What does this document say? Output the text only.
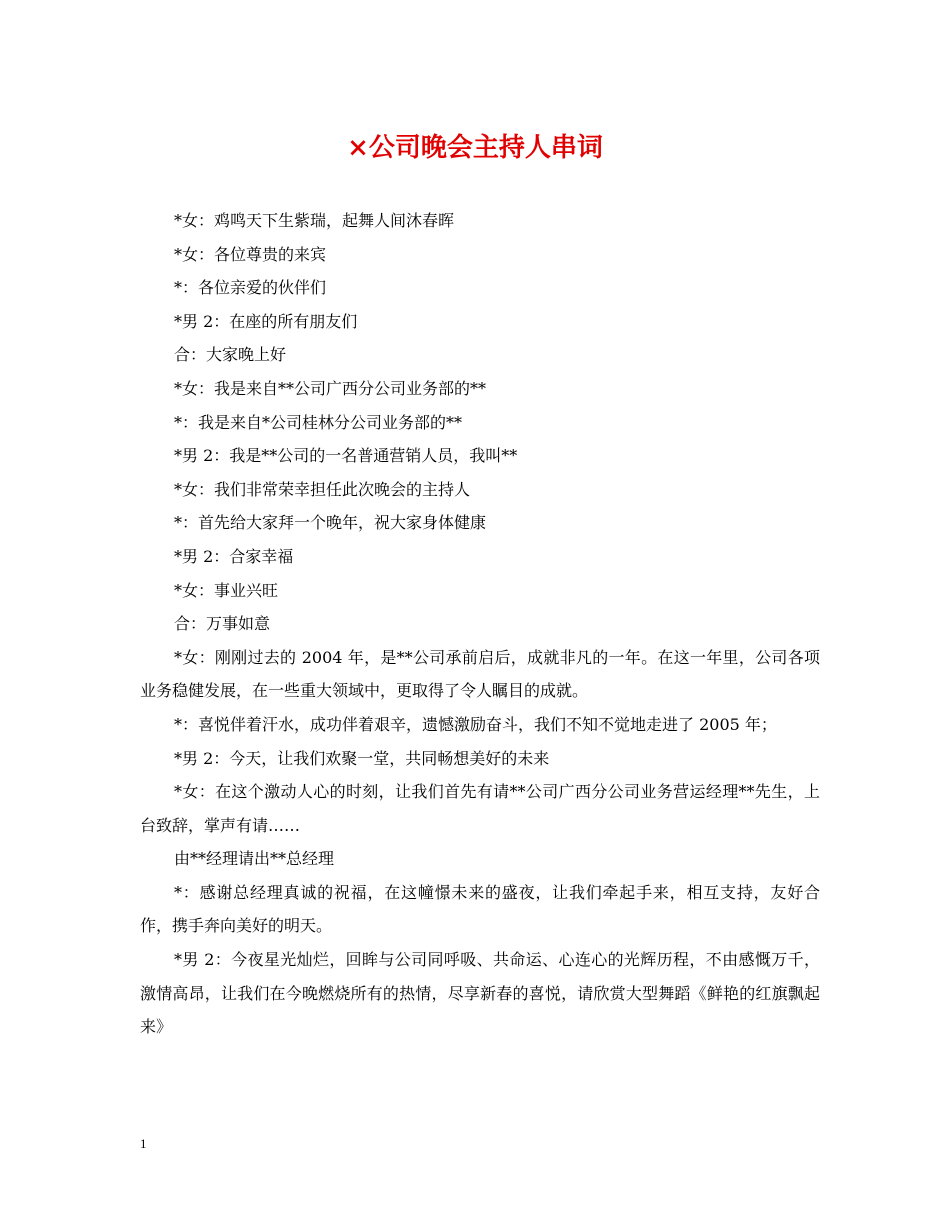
×公司晚会主持人串词

*女：鸡鸣天下生紫瑞，起舞人间沐春晖

*女：各位尊贵的来宾

*：各位亲爱的伙伴们

*男 2：在座的所有朋友们

合：大家晚上好

*女：我是来自**公司广西分公司业务部的**

*：我是来自*公司桂林分公司业务部的**

*男 2：我是**公司的一名普通营销人员，我叫**

*女：我们非常荣幸担任此次晚会的主持人

*：首先给大家拜一个晚年，祝大家身体健康

*男 2：合家幸福

*女：事业兴旺

合：万事如意

*女：刚刚过去的 2004 年，是**公司承前启后，成就非凡的一年。在这一年里，公司各项业务稳健发展，在一些重大领域中，更取得了令人瞩目的成就。

*：喜悦伴着汗水，成功伴着艰辛，遗憾激励奋斗，我们不知不觉地走进了 2005 年；

*男 2：今天，让我们欢聚一堂，共同畅想美好的未来

*女：在这个激动人心的时刻，让我们首先有请**公司广西分公司业务营运经理**先生，上台致辞，掌声有请……

由**经理请出**总经理

*：感谢总经理真诚的祝福，在这幢憬未来的盛夜，让我们牵起手来，相互支持，友好合作，携手奔向美好的明天。

*男 2：今夜星光灿烂，回眸与公司同呼吸、共命运、心连心的光辉历程，不由感慨万千，激情高昂，让我们在今晚燃烧所有的热情，尽享新春的喜悦，请欣赏大型舞蹈《鲜艳的红旗飘起来》

1
